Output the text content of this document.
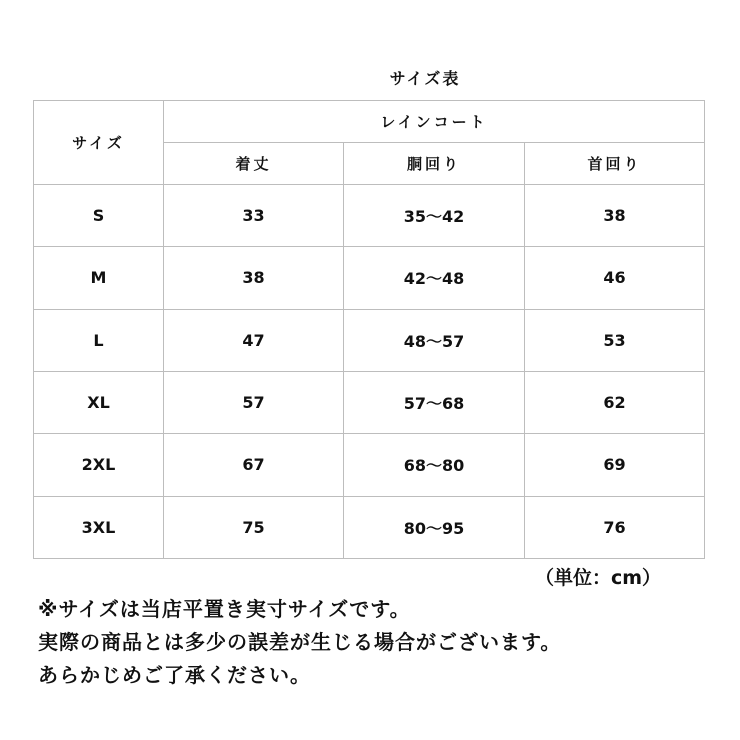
サイズ表
サイズ	レインコート		
	着丈	胴回り	首回り
S	33	35～42	38
M	38	42～48	46
L	47	48～57	53
XL	57	57～68	62
2XL	67	68～80	69
3XL	75	80～95	76
（単位：cm）
※サイズは当店平置き実寸サイズです。
実際の商品とは多少の誤差が生じる場合がございます。
あらかじめご了承ください。
